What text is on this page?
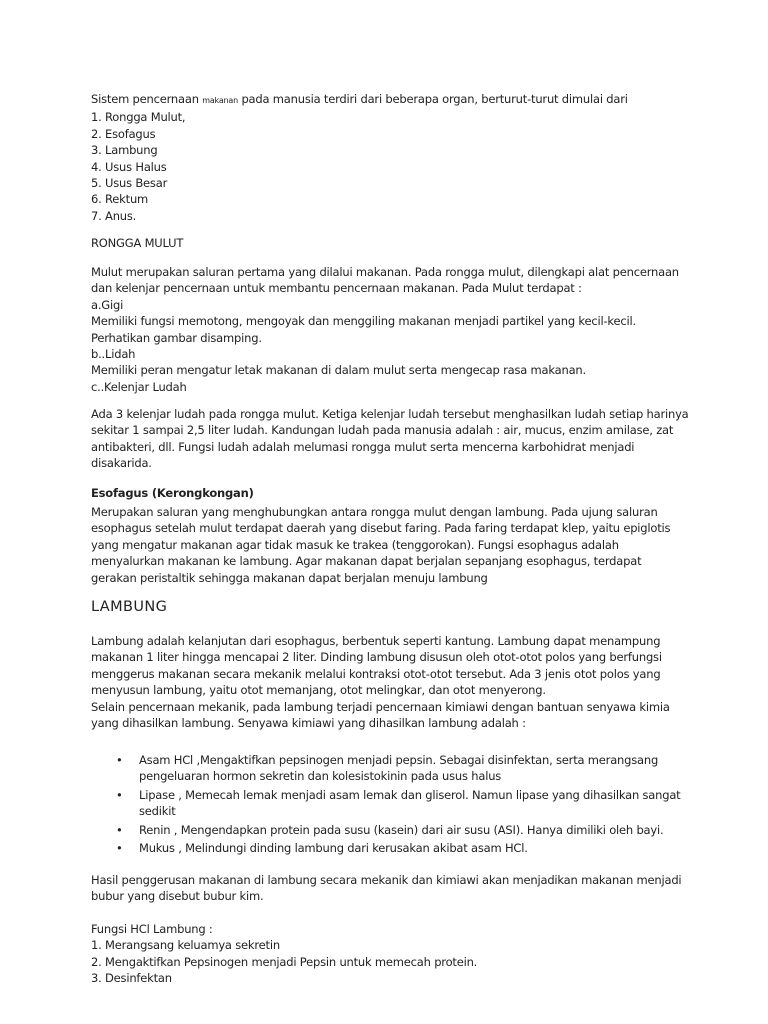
Sistem pencernaan makanan pada manusia terdiri dari beberapa organ, berturut-turut dimulai dari
1. Rongga Mulut,
2. Esofagus
3. Lambung
4. Usus Halus
5. Usus Besar
6. Rektum
7. Anus.
RONGGA MULUT
Mulut merupakan saluran pertama yang dilalui makanan. Pada rongga mulut, dilengkapi alat pencernaan
dan kelenjar pencernaan untuk membantu pencernaan makanan. Pada Mulut terdapat :
a.Gigi
Memiliki fungsi memotong, mengoyak dan menggiling makanan menjadi partikel yang kecil-kecil.
Perhatikan gambar disamping.
b..Lidah
Memiliki peran mengatur letak makanan di dalam mulut serta mengecap rasa makanan.
c..Kelenjar Ludah
Ada 3 kelenjar ludah pada rongga mulut. Ketiga kelenjar ludah tersebut menghasilkan ludah setiap harinya
sekitar 1 sampai 2,5 liter ludah. Kandungan ludah pada manusia adalah : air, mucus, enzim amilase, zat
antibakteri, dll. Fungsi ludah adalah melumasi rongga mulut serta mencerna karbohidrat menjadi
disakarida.
Esofagus (Kerongkongan)
Merupakan saluran yang menghubungkan antara rongga mulut dengan lambung. Pada ujung saluran
esophagus setelah mulut terdapat daerah yang disebut faring. Pada faring terdapat klep, yaitu epiglotis
yang mengatur makanan agar tidak masuk ke trakea (tenggorokan). Fungsi esophagus adalah
menyalurkan makanan ke lambung. Agar makanan dapat berjalan sepanjang esophagus, terdapat
gerakan peristaltik sehingga makanan dapat berjalan menuju lambung
LAMBUNG
Lambung adalah kelanjutan dari esophagus, berbentuk seperti kantung. Lambung dapat menampung
makanan 1 liter hingga mencapai 2 liter. Dinding lambung disusun oleh otot-otot polos yang berfungsi
menggerus makanan secara mekanik melalui kontraksi otot-otot tersebut. Ada 3 jenis otot polos yang
menyusun lambung, yaitu otot memanjang, otot melingkar, dan otot menyerong.
Selain pencernaan mekanik, pada lambung terjadi pencernaan kimiawi dengan bantuan senyawa kimia
yang dihasilkan lambung. Senyawa kimiawi yang dihasilkan lambung adalah :
• Asam HCl ,Mengaktifkan pepsinogen menjadi pepsin. Sebagai disinfektan, serta merangsang
pengeluaran hormon sekretin dan kolesistokinin pada usus halus
• Lipase , Memecah lemak menjadi asam lemak dan gliserol. Namun lipase yang dihasilkan sangat
sedikit
• Renin , Mengendapkan protein pada susu (kasein) dari air susu (ASI). Hanya dimiliki oleh bayi.
• Mukus , Melindungi dinding lambung dari kerusakan akibat asam HCl.
Hasil penggerusan makanan di lambung secara mekanik dan kimiawi akan menjadikan makanan menjadi
bubur yang disebut bubur kim.
Fungsi HCl Lambung :
1. Merangsang keluamya sekretin
2. Mengaktifkan Pepsinogen menjadi Pepsin untuk memecah protein.
3. Desinfektan
